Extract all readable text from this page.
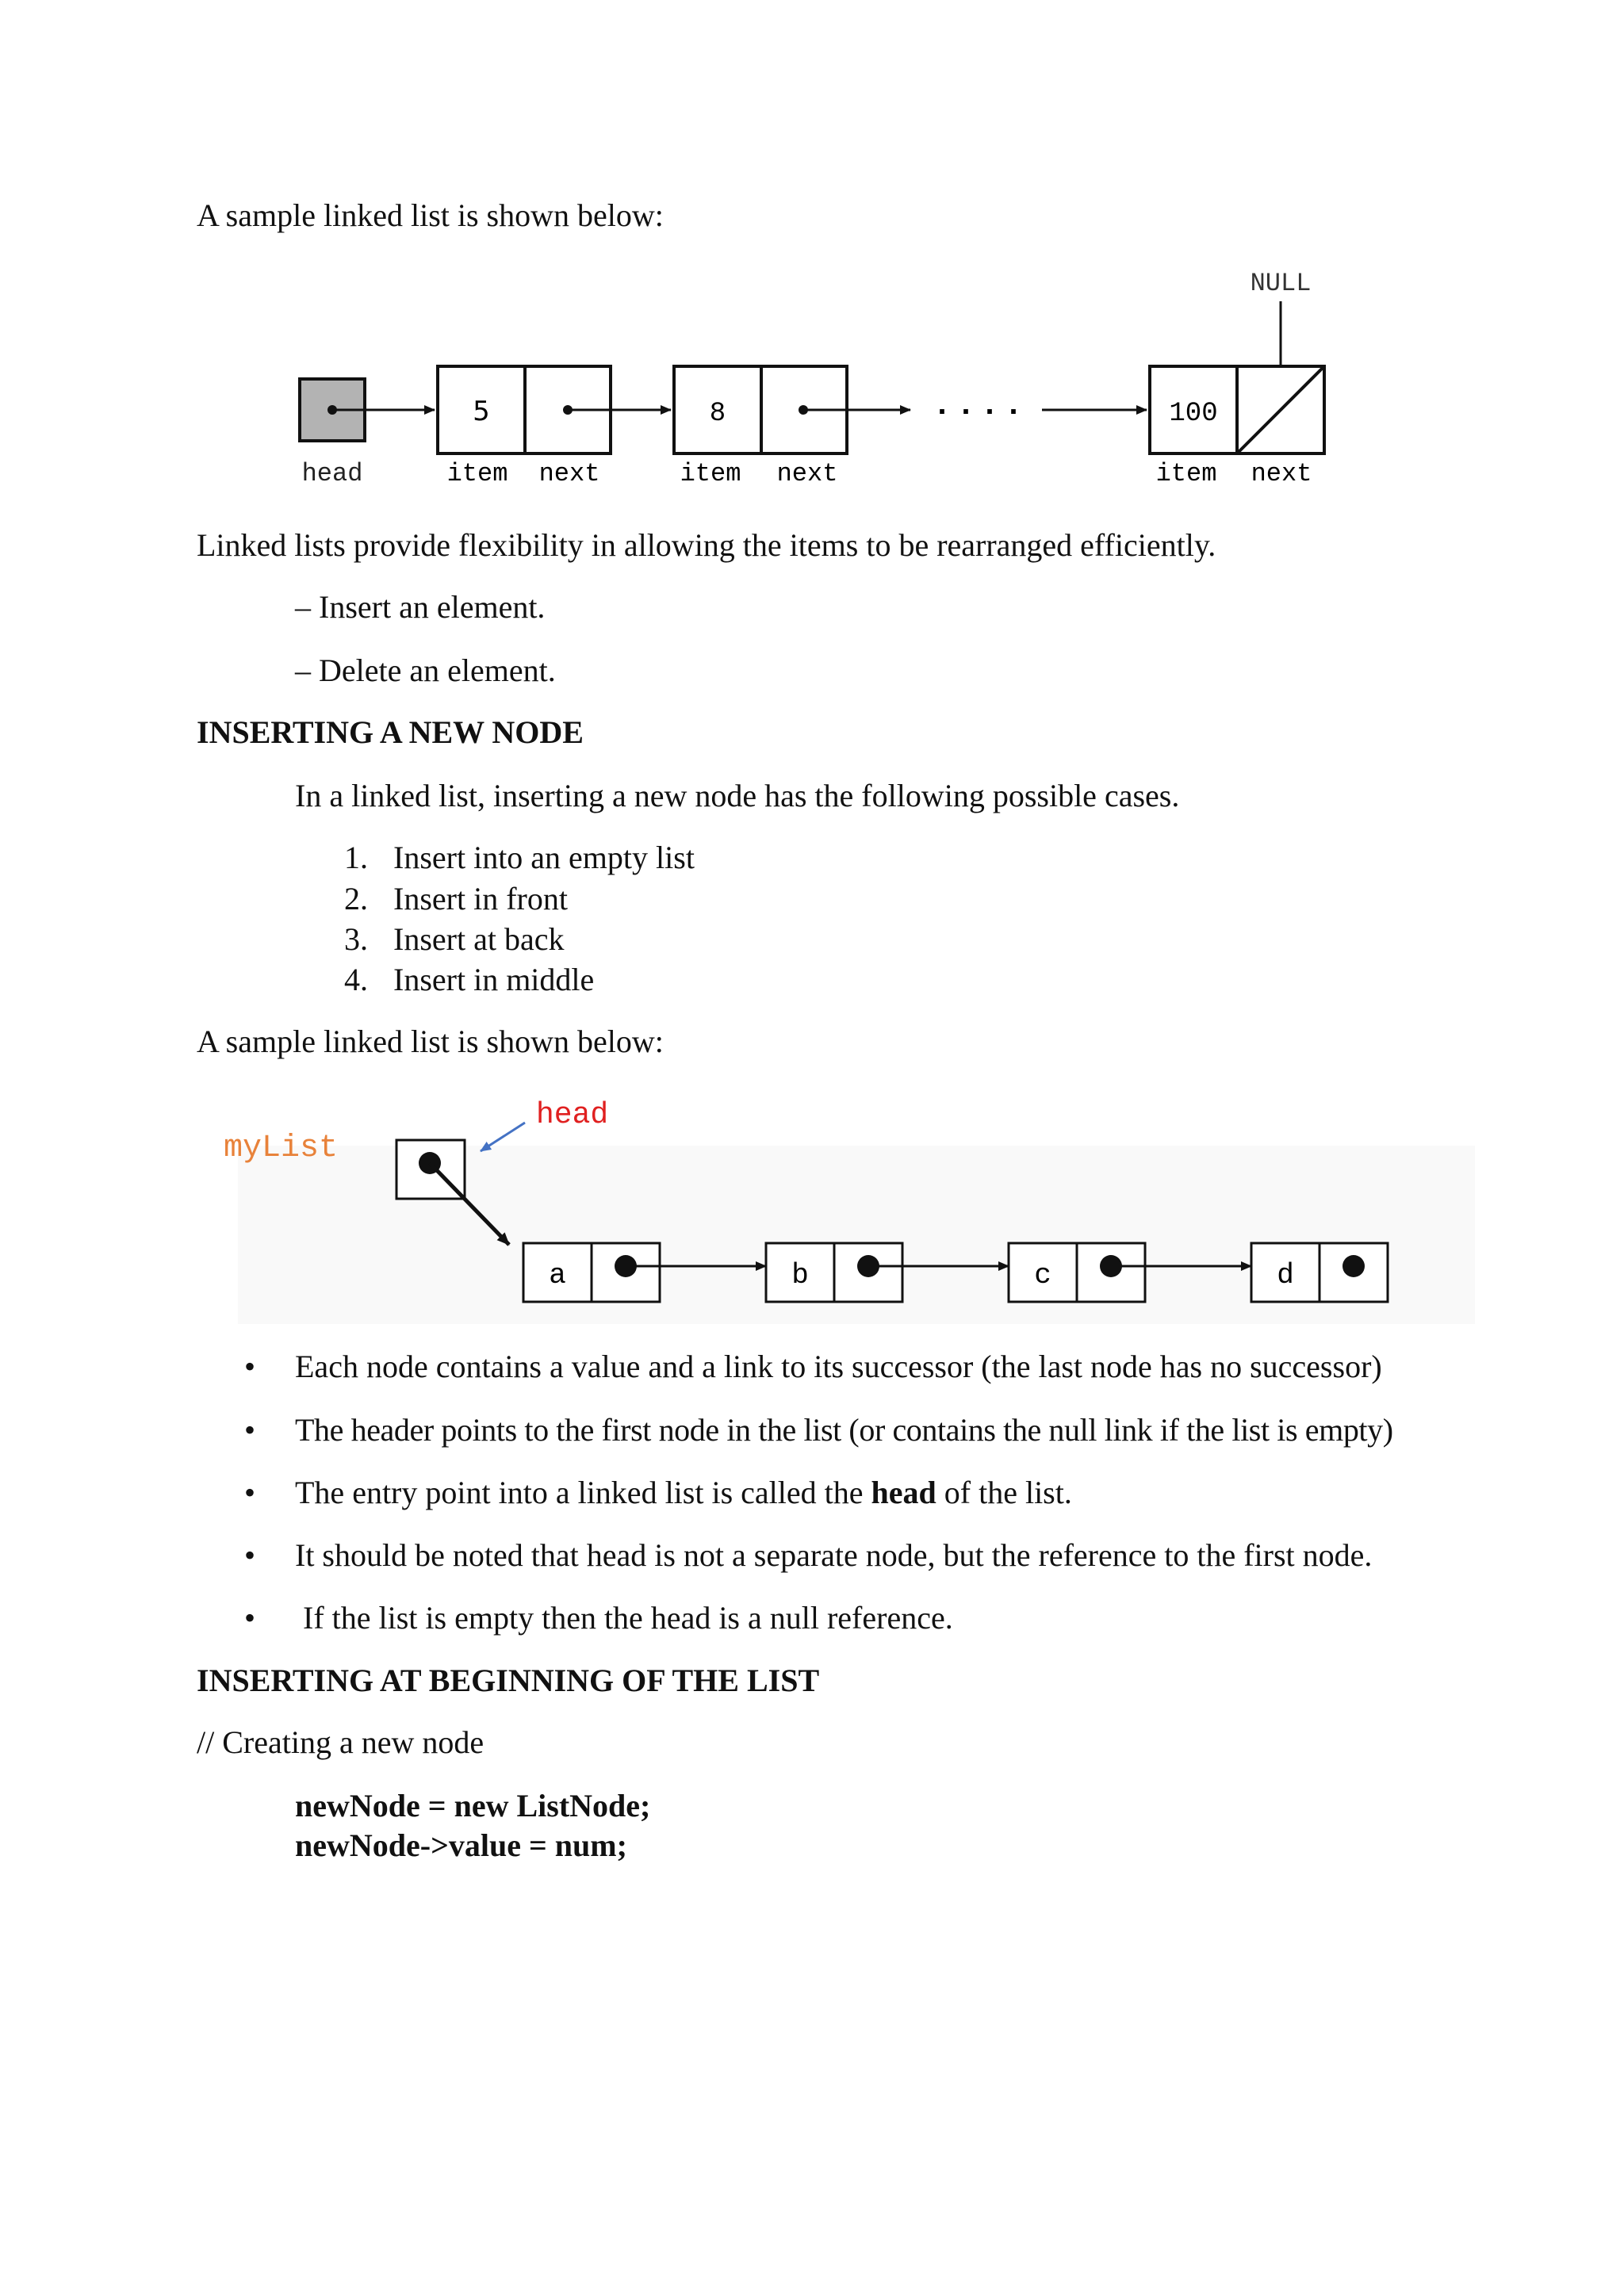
A sample linked list is shown below:
NULL
head
5
item next
8
item next
....	100
item next
Linked lists provide flexibility in allowing the items to be rearranged efficiently.
– Insert an element.
– Delete an element.
INSERTING A NEW NODE
In a linked list, inserting a new node has the following possible cases.
1. Insert into an empty list
2. Insert in front
3. Insert at back
4. Insert in middle
A sample linked list is shown below:
myList
head
a	b	c	d
• Each node contains a value and a link to its successor (the last node has no successor)
• The header points to the first node in the list (or contains the null link if the list is empty)
• The entry point into a linked list is called the head of the list.
• It should be noted that head is not a separate node, but the reference to the first node.
• If the list is empty then the head is a null reference.
INSERTING AT BEGINNING OF THE LIST
// Creating a new node
newNode = new ListNode;
newNode->value = num;
